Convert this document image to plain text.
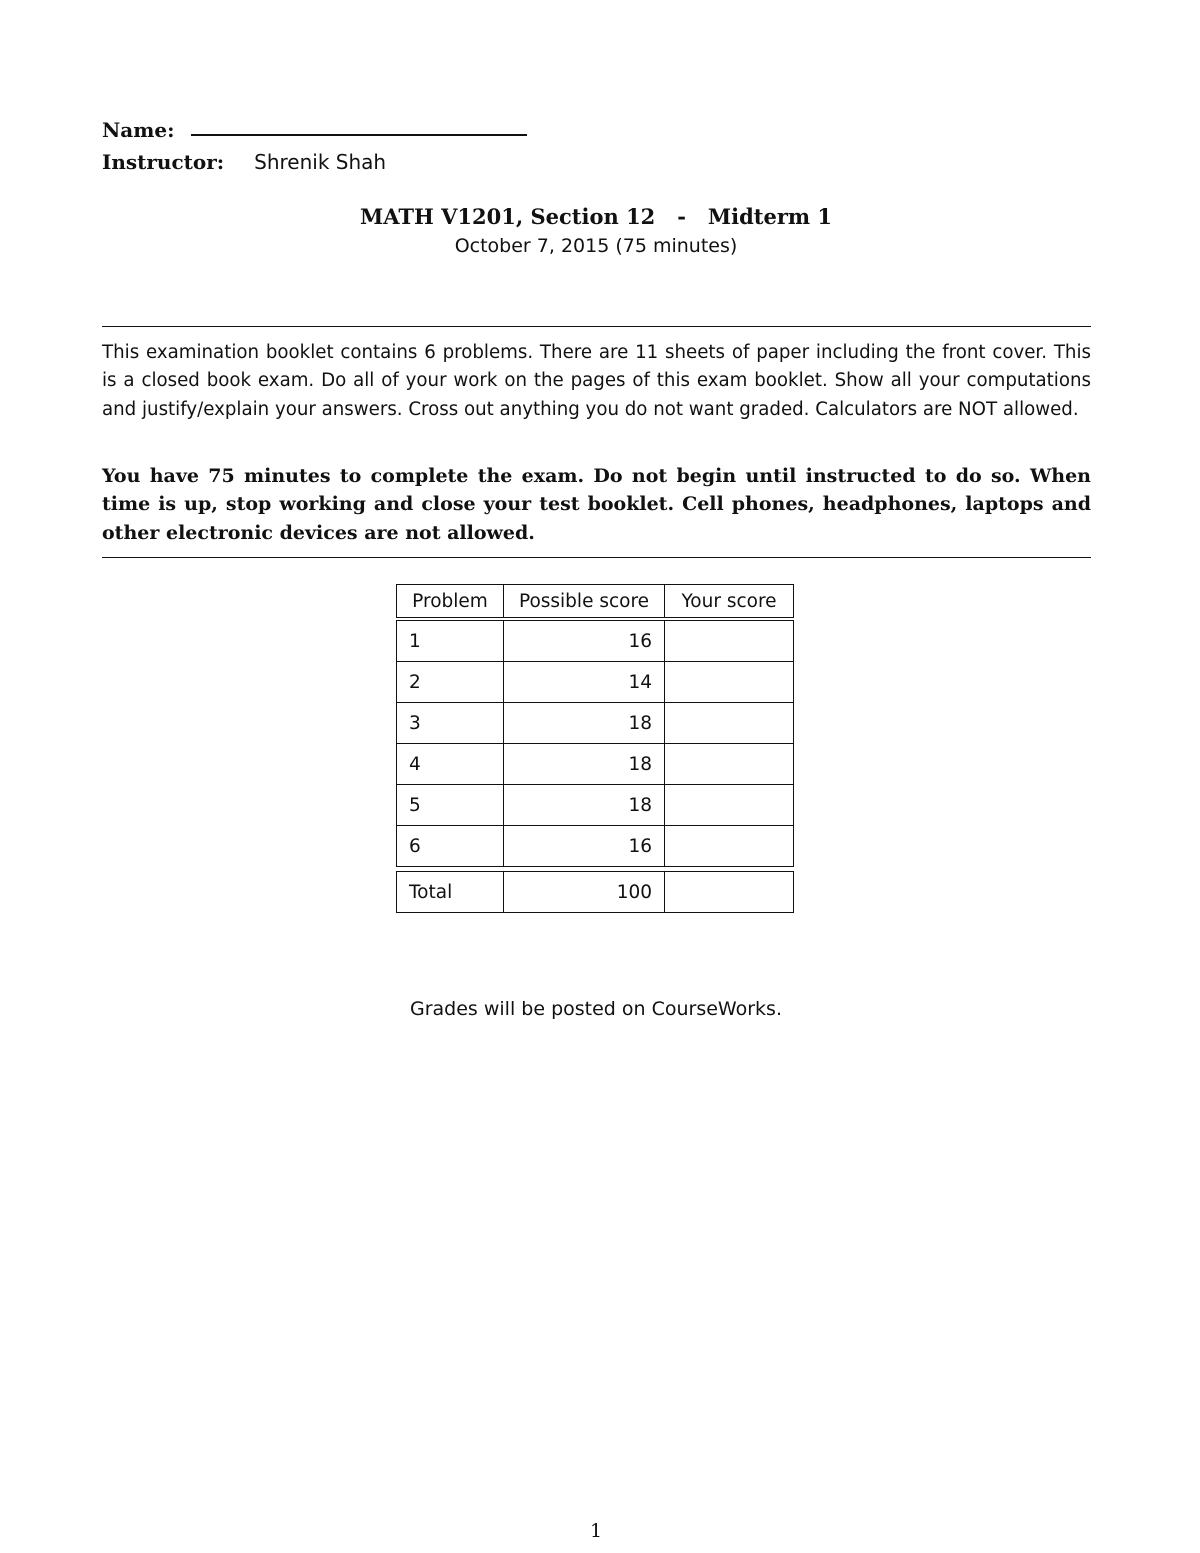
Name:
Instructor: Shrenik Shah
MATH V1201, Section 12   -   Midterm 1
October 7, 2015 (75 minutes)
This examination booklet contains 6 problems. There are 11 sheets of paper including the front cover. This is a closed book exam. Do all of your work on the pages of this exam booklet. Show all your computations and justify/explain your answers. Cross out anything you do not want graded. Calculators are NOT allowed.
You have 75 minutes to complete the exam. Do not begin until instructed to do so. When time is up, stop working and close your test booklet. Cell phones, headphones, laptops and other electronic devices are not allowed.
Problem	Possible score	Your score

1	16	
2	14	
3	18	
4	18	
5	18	
6	16	

Total	100	
Grades will be posted on CourseWorks.
1
